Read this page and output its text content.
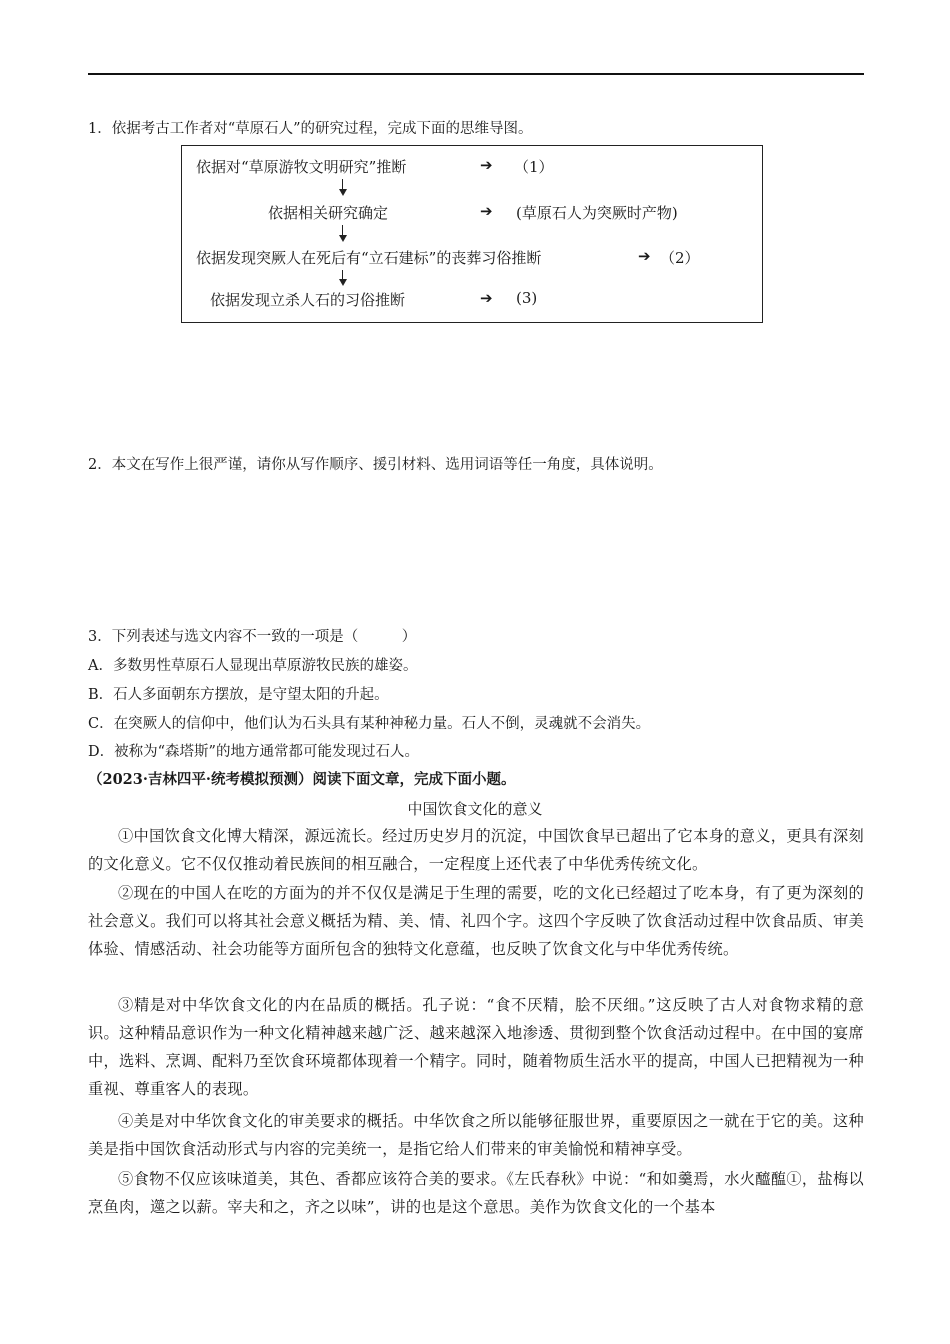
1．依据考古工作者对“草原石人”的研究过程，完成下面的思维导图。
依据对“草原游牧文明研究”推断	➔ （1）
依据相关研究确定	➔ (草原石人为突厥时产物)
依据发现突厥人在死后有“立石建标”的丧葬习俗推断	➔ （2）
依据发现立杀人石的习俗推断	➔ (3)
2．本文在写作上很严谨，请你从写作顺序、援引材料、选用词语等任一角度，具体说明。
3．下列表述与选文内容不一致的一项是（　　　）
A．多数男性草原石人显现出草原游牧民族的雄姿。
B．石人多面朝东方摆放，是守望太阳的升起。
C．在突厥人的信仰中，他们认为石头具有某种神秘力量。石人不倒，灵魂就不会消失。
D．被称为“森塔斯”的地方通常都可能发现过石人。
（2023·吉林四平·统考模拟预测）阅读下面文章，完成下面小题。
中国饮食文化的意义
①中国饮食文化博大精深，源远流长。经过历史岁月的沉淀，中国饮食早已超出了它本身的意义，更具有深刻的文化意义。它不仅仅推动着民族间的相互融合，一定程度上还代表了中华优秀传统文化。
②现在的中国人在吃的方面为的并不仅仅是满足于生理的需要，吃的文化已经超过了吃本身，有了更为深刻的社会意义。我们可以将其社会意义概括为精、美、情、礼四个字。这四个字反映了饮食活动过程中饮食品质、审美体验、情感活动、社会功能等方面所包含的独特文化意蕴，也反映了饮食文化与中华优秀传统。
③精是对中华饮食文化的内在品质的概括。孔子说：“食不厌精，脍不厌细。”这反映了古人对食物求精的意识。这种精品意识作为一种文化精神越来越广泛、越来越深入地渗透、贯彻到整个饮食活动过程中。在中国的宴席中，选料、烹调、配料乃至饮食环境都体现着一个精字。同时，随着物质生活水平的提高，中国人已把精视为一种重视、尊重客人的表现。
④美是对中华饮食文化的审美要求的概括。中华饮食之所以能够征服世界，重要原因之一就在于它的美。这种美是指中国饮食活动形式与内容的完美统一，是指它给人们带来的审美愉悦和精神享受。
⑤食物不仅应该味道美，其色、香都应该符合美的要求。《左氏春秋》中说：“和如羹焉，水火醯醢①，盐梅以烹鱼肉，遾之以薪。宰夫和之，齐之以味”，讲的也是这个意思。美作为饮食文化的一个基本
